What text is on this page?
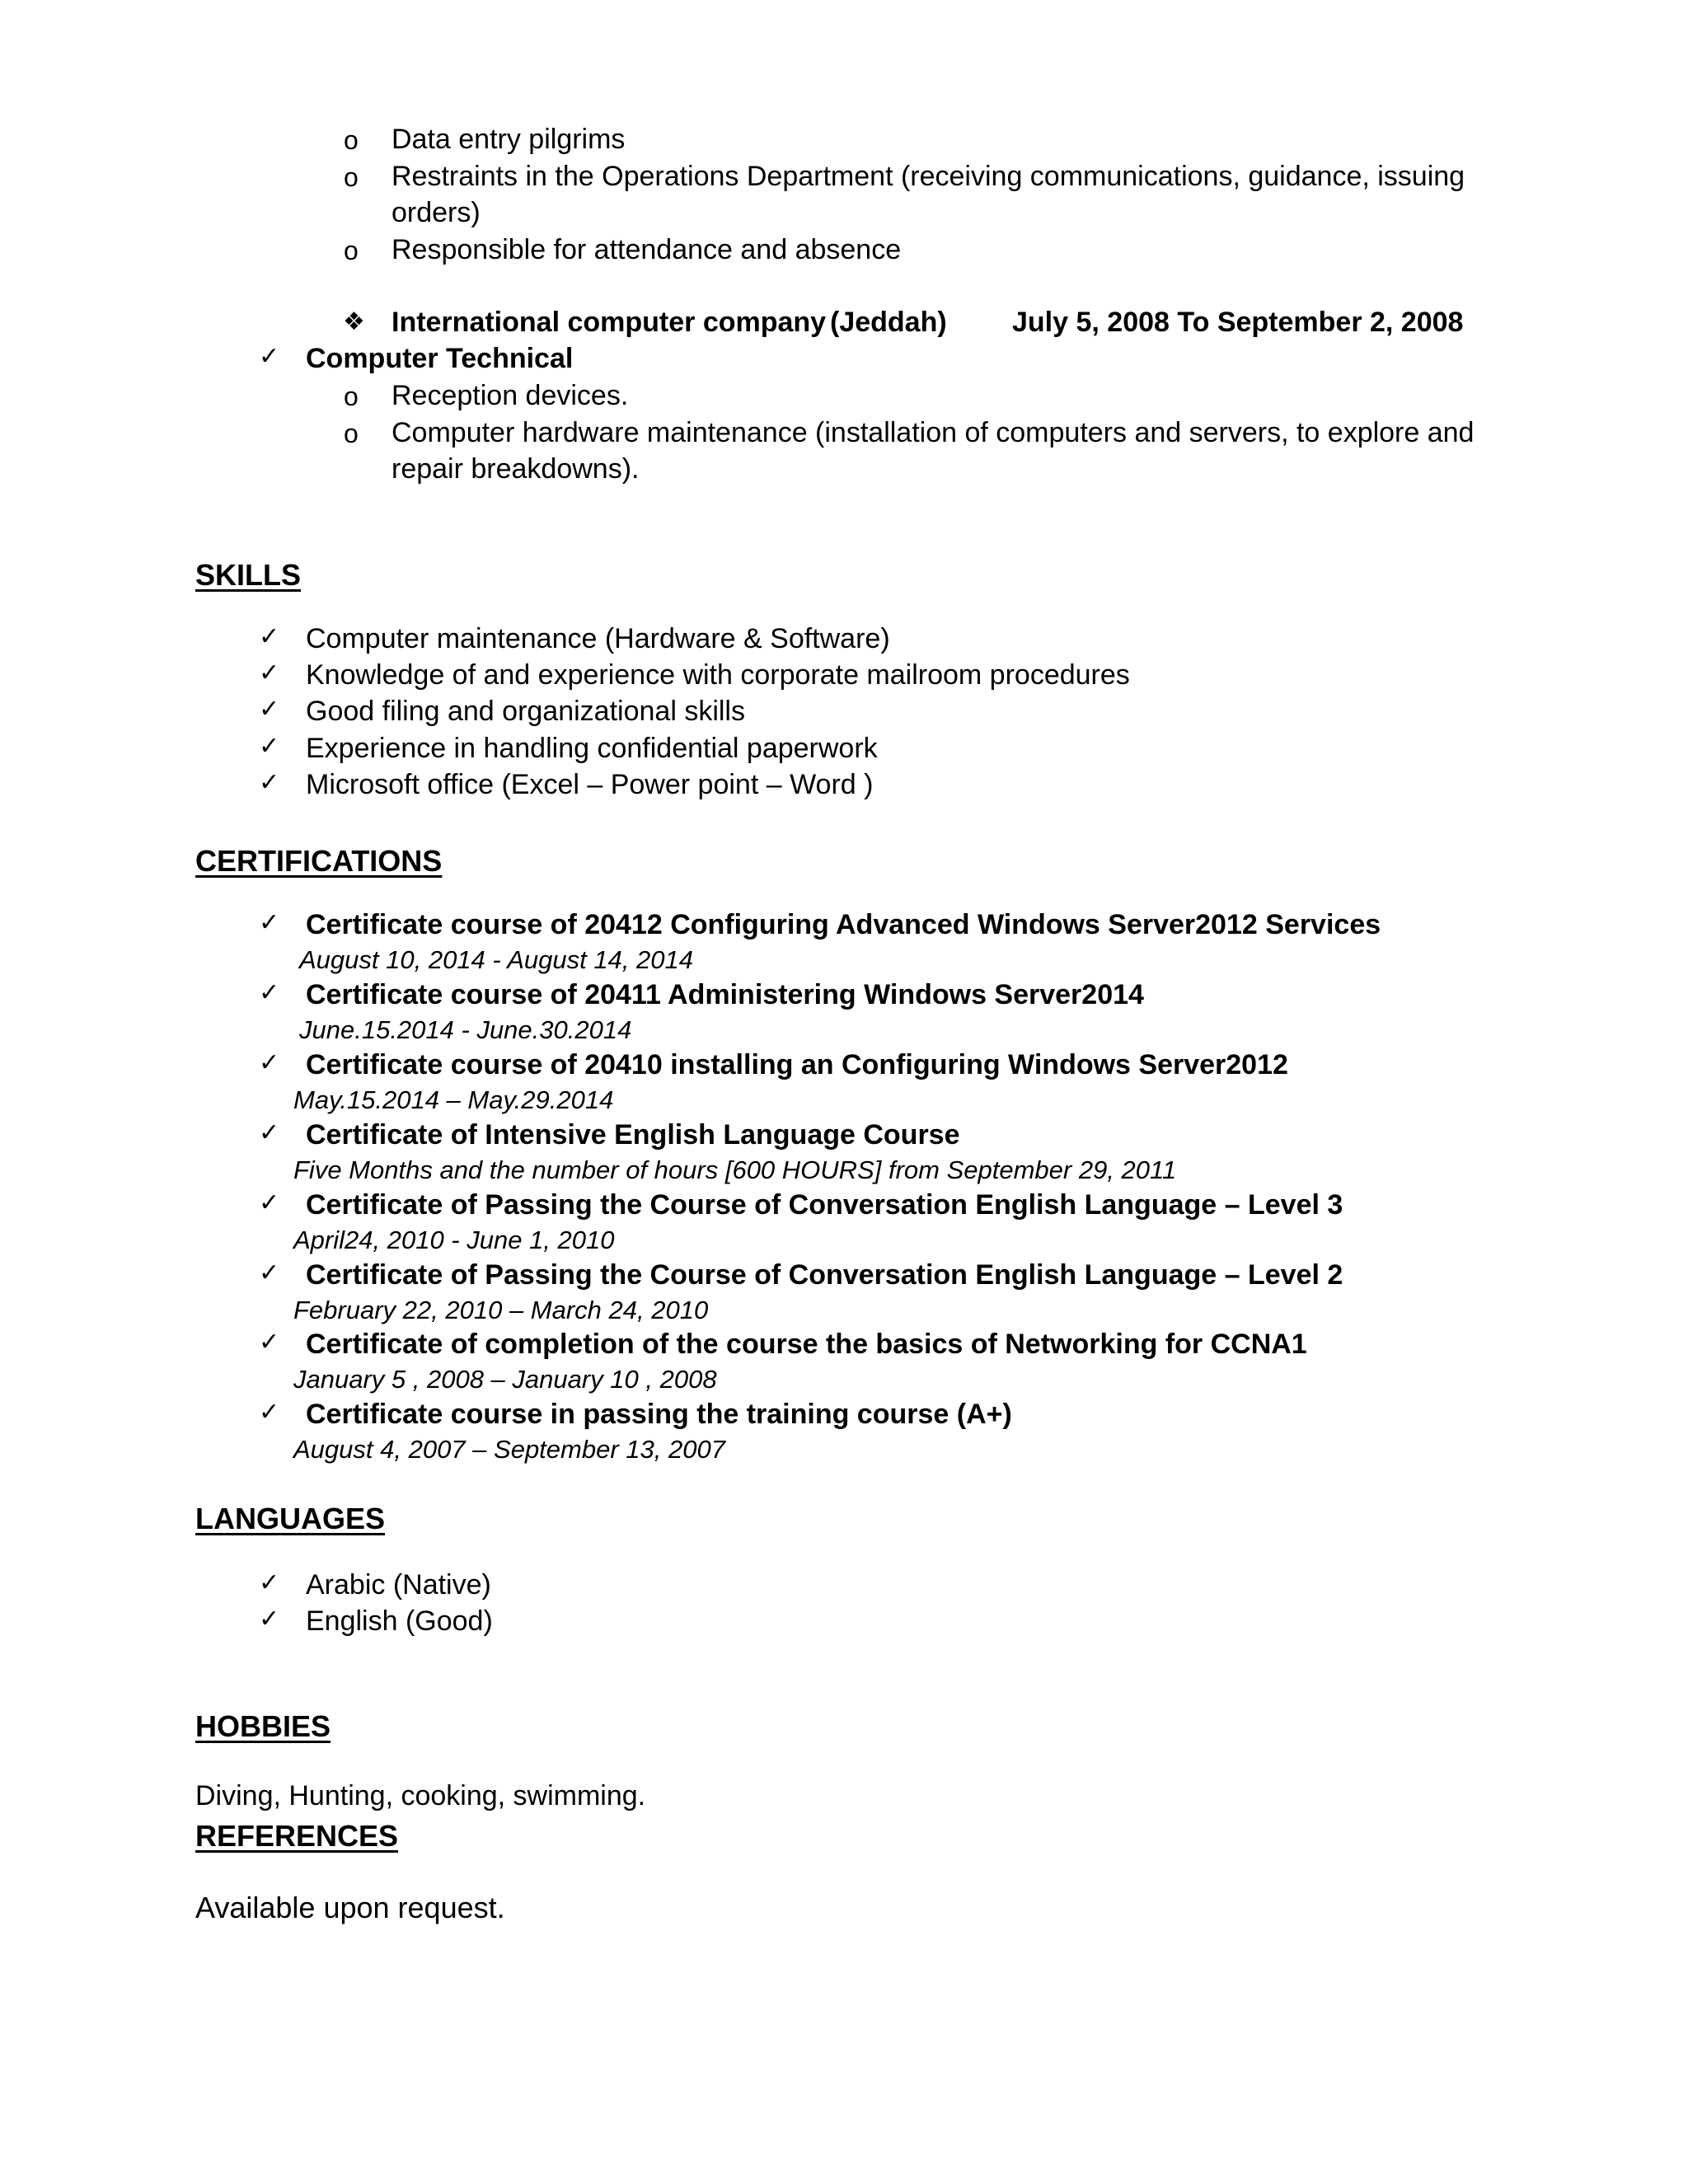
o Data entry pilgrims
o Restraints in the Operations Department (receiving communications, guidance, issuing
orders)
o Responsible for attendance and absence
❖ International computer company (Jeddah) July 5, 2008 To September 2, 2008
✓ Computer Technical
o Reception devices.
o Computer hardware maintenance (installation of computers and servers, to explore and
repair breakdowns).
SKILLS
✓ Computer maintenance (Hardware & Software)
✓ Knowledge of and experience with corporate mailroom procedures
✓ Good filing and organizational skills
✓ Experience in handling confidential paperwork
✓ Microsoft office (Excel – Power point – Word )
CERTIFICATIONS
✓ Certificate course of 20412 Configuring Advanced Windows Server2012 Services
August 10, 2014 - August 14, 2014
✓ Certificate course of 20411 Administering Windows Server2014
June.15.2014 - June.30.2014
✓ Certificate course of 20410 installing an Configuring Windows Server2012
May.15.2014 – May.29.2014
✓ Certificate of Intensive English Language Course
Five Months and the number of hours [600 HOURS] from September 29, 2011
✓ Certificate of Passing the Course of Conversation English Language – Level 3
April24, 2010 - June 1, 2010
✓ Certificate of Passing the Course of Conversation English Language – Level 2
February 22, 2010 – March 24, 2010
✓ Certificate of completion of the course the basics of Networking for CCNA1
January 5 , 2008 – January 10 , 2008
✓ Certificate course in passing the training course (A+)
August 4, 2007 – September 13, 2007
LANGUAGES
✓ Arabic (Native)
✓ English (Good)
HOBBIES
Diving, Hunting, cooking, swimming.
REFERENCES
Available upon request.
